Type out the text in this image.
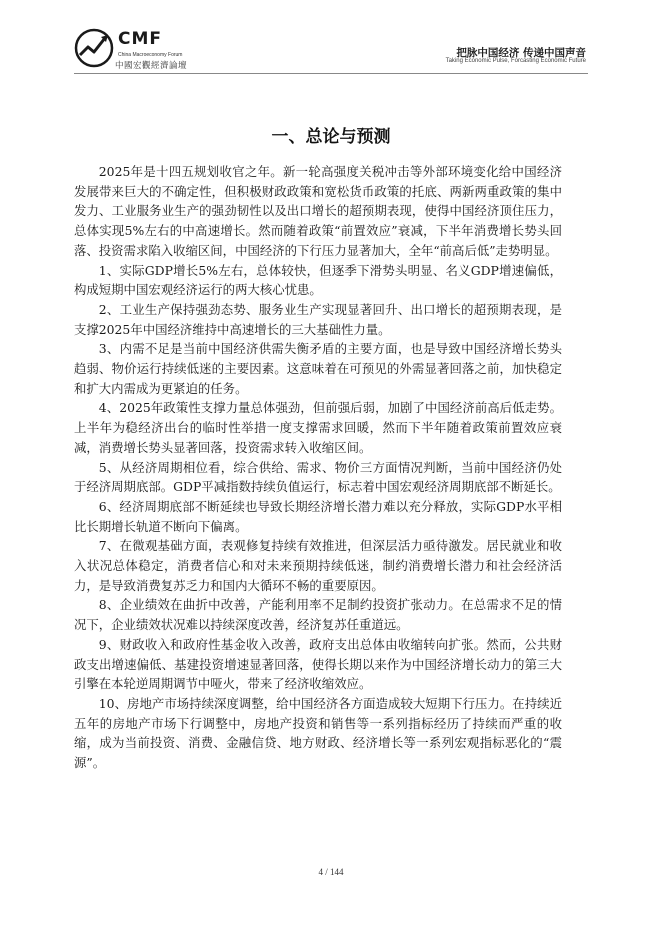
CMF
China Macroeconomy Forum
中國宏觀經濟論壇
把脉中国经济 传递中国声音
Taking Economic Pulse, Forcasting Economic Future
一、总论与预测

2025年是十四五规划收官之年。新一轮高强度关税冲击等外部环境变化给中国经济发展带来巨大的不确定性，但积极财政政策和宽松货币政策的托底、两新两重政策的集中发力、工业服务业生产的强劲韧性以及出口增长的超预期表现，使得中国经济顶住压力，总体实现5%左右的中高速增长。然而随着政策“前置效应”衰减，下半年消费增长势头回落、投资需求陷入收缩区间，中国经济的下行压力显著加大，全年“前高后低”走势明显。

1、实际GDP增长5%左右，总体较快，但逐季下滑势头明显、名义GDP增速偏低，构成短期中国宏观经济运行的两大核心忧患。

2、工业生产保持强劲态势、服务业生产实现显著回升、出口增长的超预期表现，是支撑2025年中国经济维持中高速增长的三大基础性力量。

3、内需不足是当前中国经济供需失衡矛盾的主要方面，也是导致中国经济增长势头趋弱、物价运行持续低迷的主要因素。这意味着在可预见的外需显著回落之前，加快稳定和扩大内需成为更紧迫的任务。

4、2025年政策性支撑力量总体强劲，但前强后弱，加剧了中国经济前高后低走势。上半年为稳经济出台的临时性举措一度支撑需求回暖，然而下半年随着政策前置效应衰减，消费增长势头显著回落，投资需求转入收缩区间。

5、从经济周期相位看，综合供给、需求、物价三方面情况判断，当前中国经济仍处于经济周期底部。GDP平减指数持续负值运行，标志着中国宏观经济周期底部不断延长。

6、经济周期底部不断延续也导致长期经济增长潜力难以充分释放，实际GDP水平相比长期增长轨道不断向下偏离。

7、在微观基础方面，表观修复持续有效推进，但深层活力亟待激发。居民就业和收入状况总体稳定，消费者信心和对未来预期持续低迷，制约消费增长潜力和社会经济活力，是导致消费复苏乏力和国内大循环不畅的重要原因。

8、企业绩效在曲折中改善，产能利用率不足制约投资扩张动力。在总需求不足的情况下，企业绩效状况难以持续深度改善，经济复苏任重道远。

9、财政收入和政府性基金收入改善，政府支出总体由收缩转向扩张。然而，公共财政支出增速偏低、基建投资增速显著回落，使得长期以来作为中国经济增长动力的第三大引擎在本轮逆周期调节中哑火，带来了经济收缩效应。

10、房地产市场持续深度调整，给中国经济各方面造成较大短期下行压力。在持续近五年的房地产市场下行调整中，房地产投资和销售等一系列指标经历了持续而严重的收缩，成为当前投资、消费、金融信贷、地方财政、经济增长等一系列宏观指标恶化的“震源”。

4 / 144
